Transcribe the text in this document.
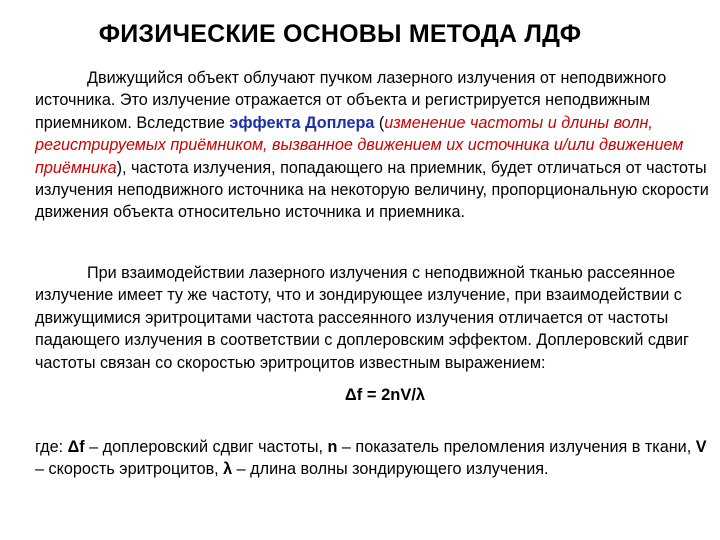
ФИЗИЧЕСКИЕ ОСНОВЫ МЕТОДА ЛДФ

Движущийся объект облучают пучком лазерного излучения от неподвижного источника. Это излучение отражается от объекта и регистрируется неподвижным приемником. Вследствие эффекта Доплера (изменение частоты и длины волн, регистрируемых приёмником, вызванное движением их источника и/или движением приёмника), частота излучения, попадающего на приемник, будет отличаться от частоты излучения неподвижного источника на некоторую величину, пропорциональную скорости движения объекта относительно источника и приемника.

При взаимодействии лазерного излучения с неподвижной тканью рассеянное излучение имеет ту же частоту, что и зондирующее излучение, при взаимодействии с движущимися эритроцитами частота рассеянного излучения отличается от частоты падающего излучения в соответствии с доплеровским эффектом. Доплеровский сдвиг частоты связан со скоростью эритроцитов известным выражением:

Δf = 2nV/λ

где: Δf – доплеровский сдвиг частоты, n – показатель преломления излучения в ткани, V – скорость эритроцитов, λ – длина волны зондирующего излучения.
